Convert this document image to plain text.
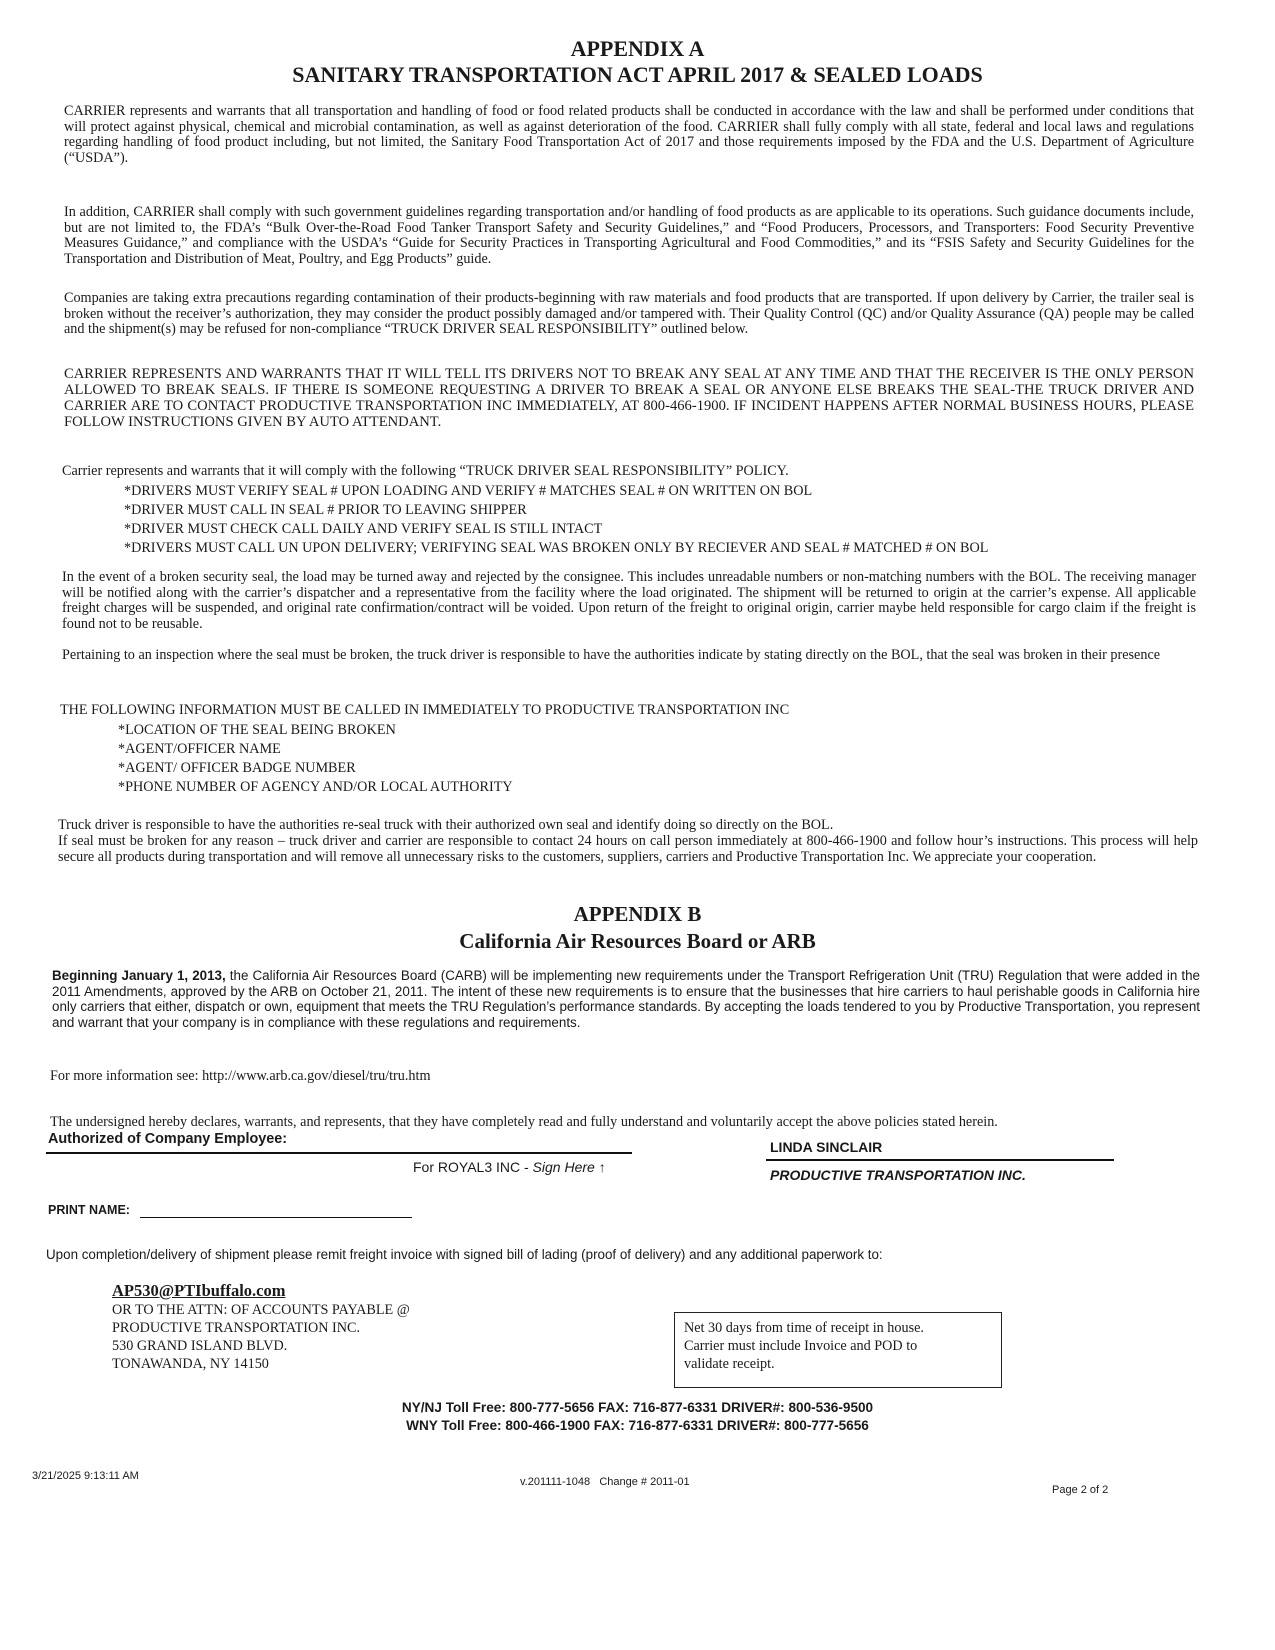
APPENDIX A
SANITARY TRANSPORTATION ACT APRIL 2017 & SEALED LOADS
CARRIER represents and warrants that all transportation and handling of food or food related products shall be conducted in accordance with the law and shall be performed under conditions that will protect against physical, chemical and microbial contamination, as well as against deterioration of the food. CARRIER shall fully comply with all state, federal and local laws and regulations regarding handling of food product including, but not limited, the Sanitary Food Transportation Act of 2017 and those requirements imposed by the FDA and the U.S. Department of Agriculture (“USDA”).
In addition, CARRIER shall comply with such government guidelines regarding transportation and/or handling of food products as are applicable to its operations. Such guidance documents include, but are not limited to, the FDA’s “Bulk Over-the-Road Food Tanker Transport Safety and Security Guidelines,” and “Food Producers, Processors, and Transporters: Food Security Preventive Measures Guidance,” and compliance with the USDA’s “Guide for Security Practices in Transporting Agricultural and Food Commodities,” and its “FSIS Safety and Security Guidelines for the Transportation and Distribution of Meat, Poultry, and Egg Products” guide.
Companies are taking extra precautions regarding contamination of their products-beginning with raw materials and food products that are transported. If upon delivery by Carrier, the trailer seal is broken without the receiver’s authorization, they may consider the product possibly damaged and/or tampered with. Their Quality Control (QC) and/or Quality Assurance (QA) people may be called and the shipment(s) may be refused for non-compliance “TRUCK DRIVER SEAL RESPONSIBILITY” outlined below.
CARRIER REPRESENTS AND WARRANTS THAT IT WILL TELL ITS DRIVERS NOT TO BREAK ANY SEAL AT ANY TIME AND THAT THE RECEIVER IS THE ONLY PERSON ALLOWED TO BREAK SEALS. IF THERE IS SOMEONE REQUESTING A DRIVER TO BREAK A SEAL OR ANYONE ELSE BREAKS THE SEAL-THE TRUCK DRIVER AND CARRIER ARE TO CONTACT PRODUCTIVE TRANSPORTATION INC IMMEDIATELY, AT 800-466-1900. IF INCIDENT HAPPENS AFTER NORMAL BUSINESS HOURS, PLEASE FOLLOW INSTRUCTIONS GIVEN BY AUTO ATTENDANT.
Carrier represents and warrants that it will comply with the following “TRUCK DRIVER SEAL RESPONSIBILITY” POLICY.
*DRIVERS MUST VERIFY SEAL # UPON LOADING AND VERIFY # MATCHES SEAL # ON WRITTEN ON BOL
*DRIVER MUST CALL IN SEAL # PRIOR TO LEAVING SHIPPER
*DRIVER MUST CHECK CALL DAILY AND VERIFY SEAL IS STILL INTACT
*DRIVERS MUST CALL UN UPON DELIVERY; VERIFYING SEAL WAS BROKEN ONLY BY RECIEVER AND SEAL # MATCHED # ON BOL
In the event of a broken security seal, the load may be turned away and rejected by the consignee. This includes unreadable numbers or non-matching numbers with the BOL. The receiving manager will be notified along with the carrier’s dispatcher and a representative from the facility where the load originated. The shipment will be returned to origin at the carrier’s expense. All applicable freight charges will be suspended, and original rate confirmation/contract will be voided. Upon return of the freight to original origin, carrier maybe held responsible for cargo claim if the freight is found not to be reusable.
Pertaining to an inspection where the seal must be broken, the truck driver is responsible to have the authorities indicate by stating directly on the BOL, that the seal was broken in their presence
THE FOLLOWING INFORMATION MUST BE CALLED IN IMMEDIATELY TO PRODUCTIVE TRANSPORTATION INC
*LOCATION OF THE SEAL BEING BROKEN
*AGENT/OFFICER NAME
*AGENT/ OFFICER BADGE NUMBER
*PHONE NUMBER OF AGENCY AND/OR LOCAL AUTHORITY
Truck driver is responsible to have the authorities re-seal truck with their authorized own seal and identify doing so directly on the BOL.
If seal must be broken for any reason – truck driver and carrier are responsible to contact 24 hours on call person immediately at 800-466-1900 and follow hour’s instructions. This process will help secure all products during transportation and will remove all unnecessary risks to the customers, suppliers, carriers and Productive Transportation Inc. We appreciate your cooperation.
APPENDIX B
California Air Resources Board or ARB
Beginning January 1, 2013, the California Air Resources Board (CARB) will be implementing new requirements under the Transport Refrigeration Unit (TRU) Regulation that were added in the 2011 Amendments, approved by the ARB on October 21, 2011. The intent of these new requirements is to ensure that the businesses that hire carriers to haul perishable goods in California hire only carriers that either, dispatch or own, equipment that meets the TRU Regulation’s performance standards. By accepting the loads tendered to you by Productive Transportation, you represent and warrant that your company is in compliance with these regulations and requirements.
For more information see: http://www.arb.ca.gov/diesel/tru/tru.htm
The undersigned hereby declares, warrants, and represents, that they have completely read and fully understand and voluntarily accept the above policies stated herein.
Authorized of Company Employee:
For ROYAL3 INC - Sign Here ↑
LINDA SINCLAIR
PRODUCTIVE TRANSPORTATION INC.
PRINT NAME:
Upon completion/delivery of shipment please remit freight invoice with signed bill of lading (proof of delivery) and any additional paperwork to:
AP530@PTIbuffalo.com
OR TO THE ATTN: OF ACCOUNTS PAYABLE @
PRODUCTIVE TRANSPORTATION INC.
530 GRAND ISLAND BLVD.
TONAWANDA, NY 14150
Net 30 days from time of receipt in house.
Carrier must include Invoice and POD to
validate receipt.
NY/NJ Toll Free: 800-777-5656 FAX: 716-877-6331 DRIVER#: 800-536-9500
WNY Toll Free: 800-466-1900 FAX: 716-877-6331 DRIVER#: 800-777-5656
3/21/2025 9:13:11 AM	v.201111-1048 Change # 2011-01
Page 2 of 2
